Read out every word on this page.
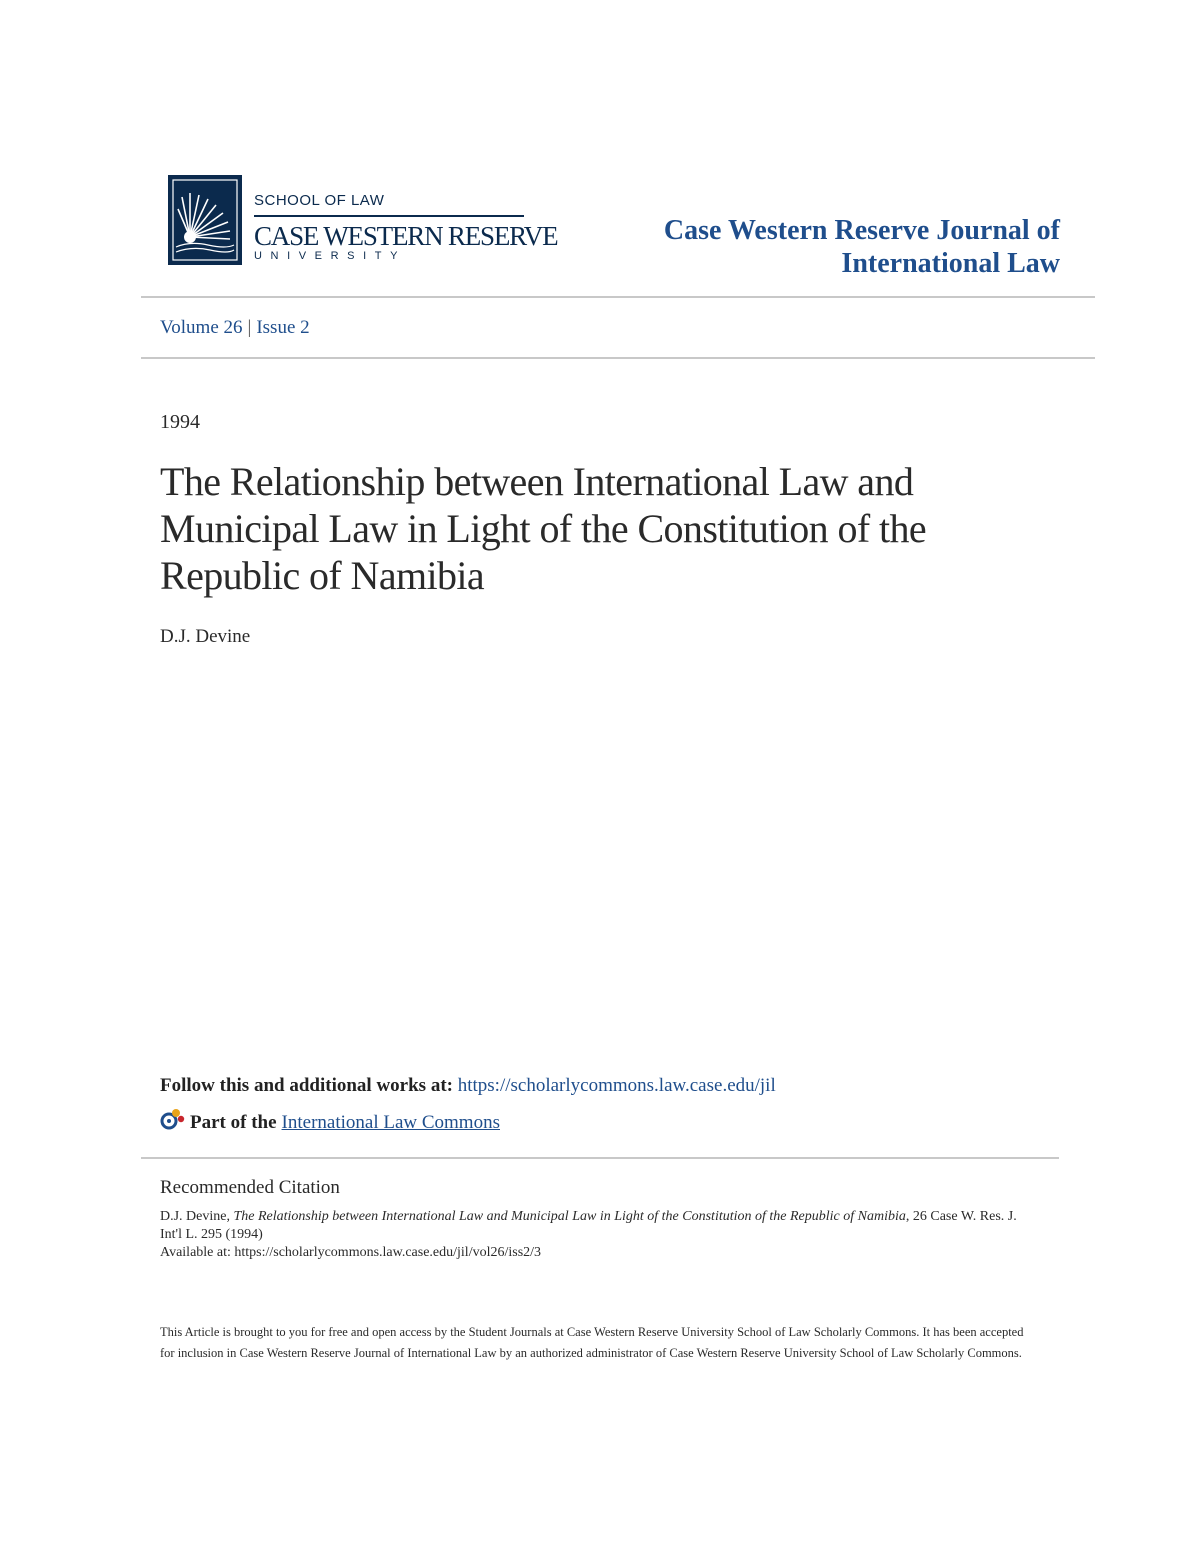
SCHOOL OF LAW
CASE WESTERN RESERVE
UNIVERSITY
Case Western Reserve Journal of International Law
Volume 26 | Issue 2
1994
The Relationship between International Law and Municipal Law in Light of the Constitution of the Republic of Namibia
D.J. Devine
Follow this and additional works at: https://scholarlycommons.law.case.edu/jil
Part of the International Law Commons
Recommended Citation
D.J. Devine, The Relationship between International Law and Municipal Law in Light of the Constitution of the Republic of Namibia, 26 Case W. Res. J. Int'l L. 295 (1994)
Available at: https://scholarlycommons.law.case.edu/jil/vol26/iss2/3
This Article is brought to you for free and open access by the Student Journals at Case Western Reserve University School of Law Scholarly Commons. It has been accepted for inclusion in Case Western Reserve Journal of International Law by an authorized administrator of Case Western Reserve University School of Law Scholarly Commons.
